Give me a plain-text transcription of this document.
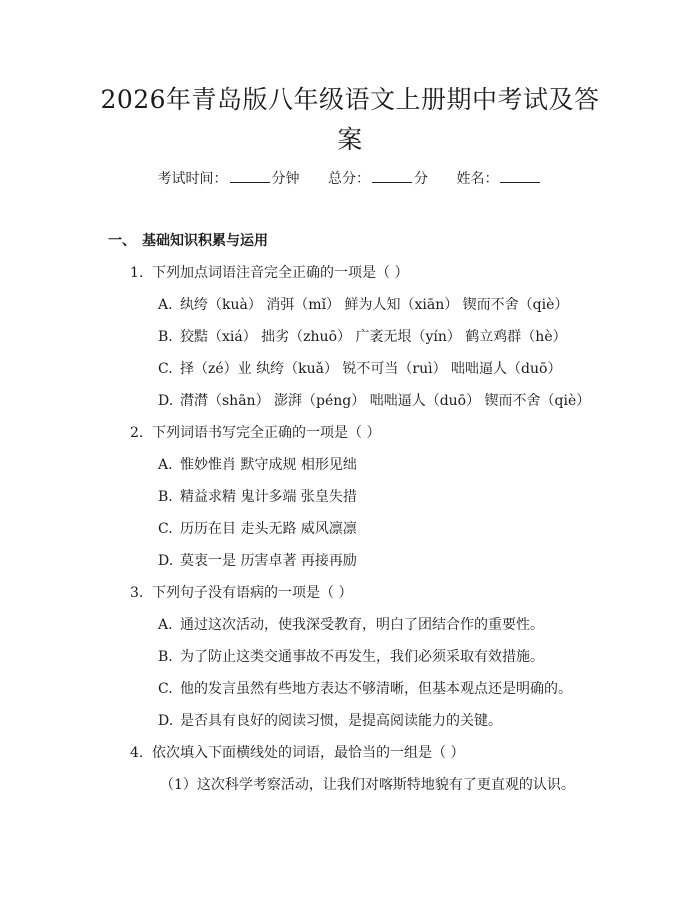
2026年青岛版八年级语文上册期中考试及答案
考试时间：	分钟 总分：	分 姓名：
一、 基础知识积累与运用
1. 下列加点词语注音完全正确的一项是（ ）
A. 纨绔（kuà） 消弭（mǐ） 鲜为人知（xiān） 锲而不舍（qiè）
B. 狡黠（xiá） 拙劣（zhuō） 广袤无垠（yín） 鹤立鸡群（hè）
C. 择（zé）业 纨绔（kuǎ） 锐不可当（ruì） 咄咄逼人（duō）
D. 潸潸（shān） 澎湃（péng） 咄咄逼人（duō） 锲而不舍（qiè）
2. 下列词语书写完全正确的一项是（ ）
A. 惟妙惟肖 默守成规 相形见绌
B. 精益求精 鬼计多端 张皇失措
C. 历历在目 走头无路 威风凛凛
D. 莫衷一是 历害卓著 再接再励
3. 下列句子没有语病的一项是（ ）
A. 通过这次活动，使我深受教育，明白了团结合作的重要性。
B. 为了防止这类交通事故不再发生，我们必须采取有效措施。
C. 他的发言虽然有些地方表达不够清晰，但基本观点还是明确的。
D. 是否具有良好的阅读习惯，是提高阅读能力的关键。
4. 依次填入下面横线处的词语，最恰当的一组是（ ）
（1）这次科学考察活动，让我们对喀斯特地貌有了更直观的认识。
